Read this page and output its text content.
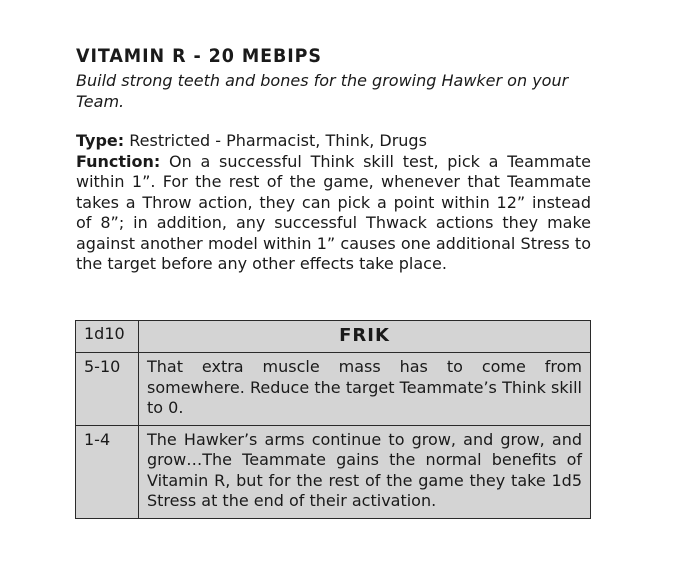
VITAMIN R - 20 MEBIPS

Build strong teeth and bones for the growing Hawker on your Team.

Type: Restricted - Pharmacist, Think, Drugs

Function: On a successful Think skill test, pick a Teammate within 1”. For the rest of the game, whenever that Teammate takes a Throw action, they can pick a point within 12” instead of 8”; in addition, any successful Thwack actions they make against another model within 1” causes one additional Stress to the target before any other effects take place.

1d10	FRIK
5-10	That extra muscle mass has to come from somewhere. Reduce the target Teammate’s Think skill to 0.
1-4	The Hawker’s arms continue to grow, and grow, and grow…The Teammate gains the normal benefits of Vitamin R, but for the rest of the game they take 1d5 Stress at the end of their activation.
